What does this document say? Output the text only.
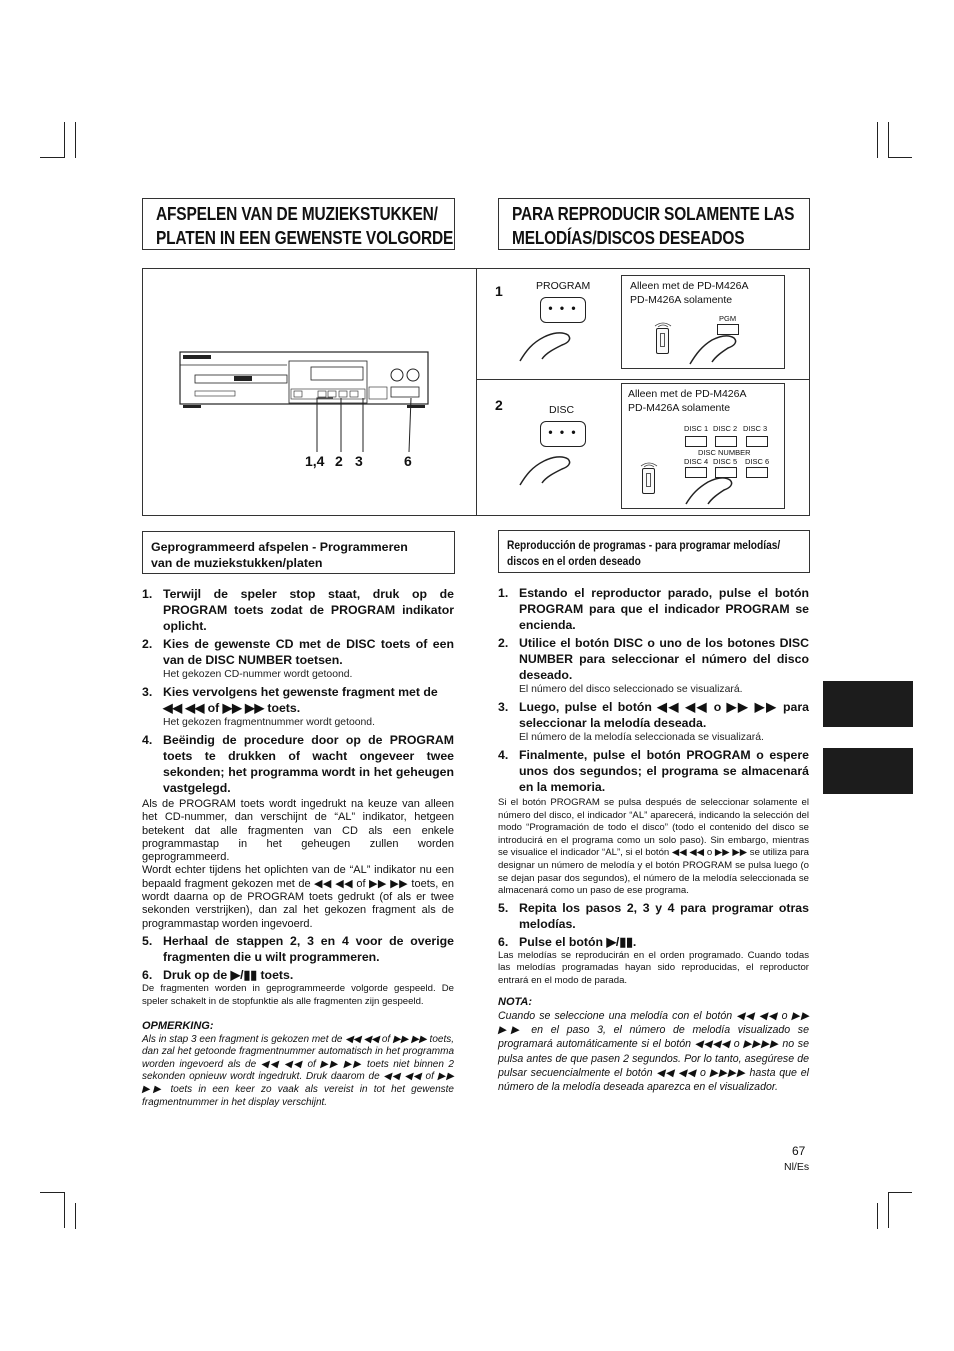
AFSPELEN VAN DE MUZIEKSTUKKEN/
PLATEN IN EEN GEWENSTE VOLGORDE
PARA REPRODUCIR SOLAMENTE LAS
MELODÍAS/DISCOS DESEADOS
1,4 2 3	6
1	PROGRAM
• • •
Alleen met de PD-M426A
PD-M426A solamente
PGM
2	DISC
• • •
Alleen met de PD-M426A
PD-M426A solamente
DISC 1 DISC 2 DISC 3
DISC NUMBER
DISC 4 DISC 5 DISC 6
Geprogrammeerd afspelen - Programmeren
van de muziekstukken/platen
1. Terwijl de speler stop staat, druk op de PROGRAM toets zodat de PROGRAM indikator oplicht.
2. Kies de gewenste CD met de DISC toets of een van de DISC NUMBER toetsen.
Het gekozen CD-nummer wordt getoond.
3. Kies vervolgens het gewenste fragment met de
◀◀ ◀◀ of ▶▶ ▶▶ toets.
Het gekozen fragmentnummer wordt getoond.
4. Beëindig de procedure door op de PROGRAM toets te drukken of wacht ongeveer twee sekonden; het programma wordt in het geheugen vastgelegd.

Als de PROGRAM toets wordt ingedrukt na keuze van alleen het CD-nummer, dan verschijnt de “AL” indikator, hetgeen betekent dat alle fragmenten van CD als een enkele programmastap in het geheugen zullen worden geprogrammeerd.

Wordt echter tijdens het oplichten van de “AL” indikator nu een bepaald fragment gekozen met de ◀◀ ◀◀ of ▶▶ ▶▶ toets, en wordt daarna op de PROGRAM toets gedrukt (of als er twee sekonden verstrijken), dan zal het gekozen fragment als de programmastap worden ingevoerd.

5. Herhaal de stappen 2, 3 en 4 voor de overige fragmenten die u wilt programmeren.
6. Druk op de ▶/▮▮ toets.

De fragmenten worden in geprogrammeerde volgorde gespeeld. De speler schakelt in de stopfunktie als alle fragmenten zijn gespeeld.

OPMERKING:
Als in stap 3 een fragment is gekozen met de ◀◀ ◀◀ of ▶▶ ▶▶ toets, dan zal het getoonde fragmentnummer automatisch in het programma worden ingevoerd als de ◀◀ ◀◀ of ▶▶ ▶▶ toets niet binnen 2 sekonden opnieuw wordt ingedrukt. Druk daarom de ◀◀ ◀◀ of ▶▶ ▶▶ toets in een keer zo vaak als vereist in tot het gewenste fragmentnummer in het display verschijnt.
Reproducción de programas - para programar melodías/
discos en el orden deseado
1. Estando el reproductor parado, pulse el botón PROGRAM para que el indicador PROGRAM se encienda.
2. Utilice el botón DISC o uno de los botones DISC NUMBER para seleccionar el número del disco deseado.
El número del disco seleccionado se visualizará.
3. Luego, pulse el botón ◀◀ ◀◀ o ▶▶ ▶▶ para seleccionar la melodía deseada.
El número de la melodía seleccionada se visualizará.
4. Finalmente, pulse el botón PROGRAM o espere unos dos segundos; el programa se almacenará en la memoria.

Si el botón PROGRAM se pulsa después de seleccionar solamente el número del disco, el indicador “AL” aparecerá, indicando la selección del modo “Programación de todo el disco” (todo el contenido del disco se introducirá en el programa como un solo paso). Sin embargo, mientras se visualice el indicador “AL”, si el botón ◀◀ ◀◀ o ▶▶ ▶▶ se utiliza para designar un número de melodía y el botón PROGRAM se pulsa luego (o se dejan pasar dos segundos), el número de la melodía seleccionada se almacenará como un paso de ese programa.

5. Repita los pasos 2, 3 y 4 para programar otras melodías.
6. Pulse el botón ▶/▮▮.

Las melodías se reproducirán en el orden programado. Cuando todas las melodías programadas hayan sido reproducidas, el reproductor entrará en el modo de parada.

NOTA:
Cuando se seleccione una melodía con el botón ◀◀ ◀◀ o ▶▶ ▶▶ en el paso 3, el número de melodía visualizado se programará automáticamente si el botón ◀◀◀◀ o ▶▶▶▶ no se pulsa antes de que pasen 2 segundos. Por lo tanto, asegúrese de pulsar secuencialmente el botón ◀◀ ◀◀ o ▶▶▶▶ hasta que el número de la melodía deseada aparezca en el visualizador.
67
Nl/Es
